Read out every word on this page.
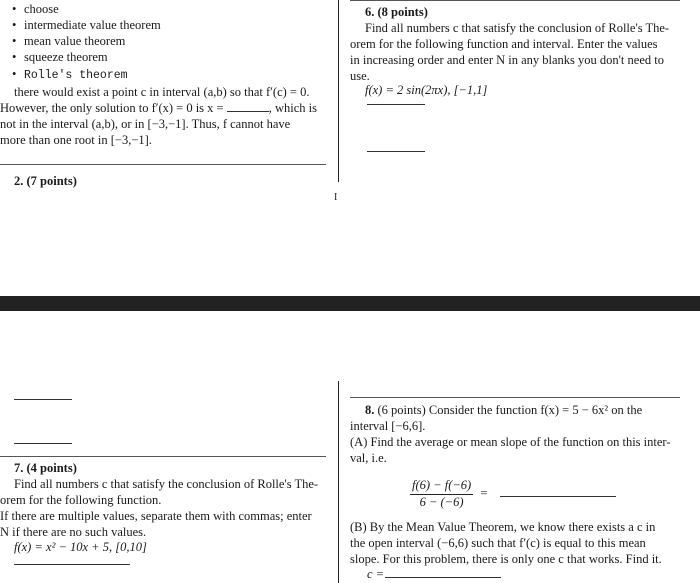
• choose
• intermediate value theorem
• mean value theorem
• squeeze theorem
• Rolle's theorem
there would exist a point c in interval (a,b) so that f′(c) = 0.
However, the only solution to f′(x) = 0 is x =	, which is
not in the interval (a,b), or in [−3,−1]. Thus, f cannot have
more than one root in [−3,−1].
2. (7 points)
I
6. (8 points)
Find all numbers c that satisfy the conclusion of Rolle's The-
orem for the following function and interval. Enter the values
in increasing order and enter N in any blanks you don't need to
use.
f(x) = 2 sin(2πx), [−1,1]
7. (4 points)
Find all numbers c that satisfy the conclusion of Rolle's The-
orem for the following function.
If there are multiple values, separate them with commas; enter
N if there are no such values.
f(x) = x² − 10x + 5, [0,10]
8. (6 points) Consider the function f(x) = 5 − 6x² on the
interval [−6,6].
(A) Find the average or mean slope of the function on this inter-
val, i.e.
$\frac{f(6) - f(-6)}{6 - (-6)}$ =
(B) By the Mean Value Theorem, we know there exists a c in
the open interval (−6,6) such that f′(c) is equal to this mean
slope. For this problem, there is only one c that works. Find it.
c =
